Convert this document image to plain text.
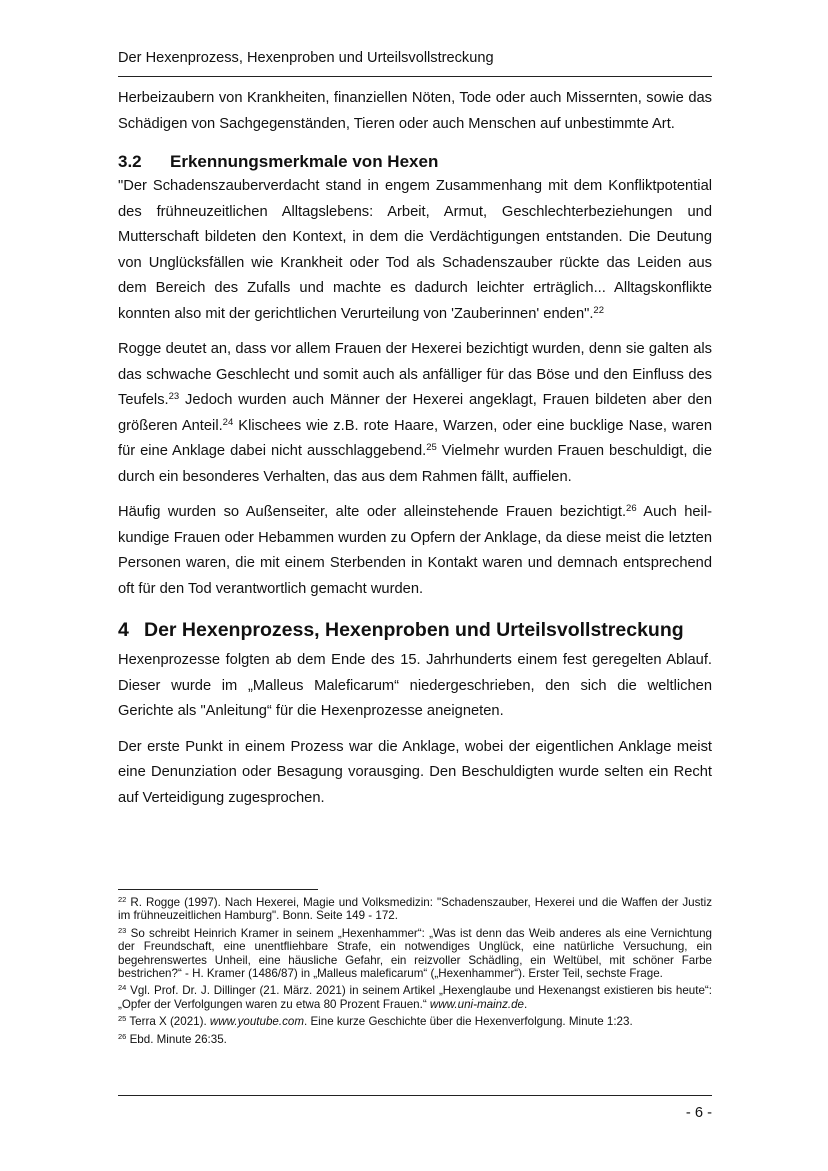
Der Hexenprozess, Hexenproben und Urteilsvollstreckung

Herbeizaubern von Krankheiten, finanziellen Nöten, Tode oder auch Missernten, sowie das Schädigen von Sachgegenständen, Tieren oder auch Menschen auf unbestimmte Art.

3.2 Erkennungsmerkmale von Hexen

"Der Schadenszauberverdacht stand in engem Zusammenhang mit dem Konfliktpotential des frühneuzeitlichen Alltagslebens: Arbeit, Armut, Geschlechterbeziehungen und Mutterschaft bildeten den Kontext, in dem die Verdächtigungen entstanden. Die Deutung von Unglücksfällen wie Krankheit oder Tod als Schadenszauber rückte das Leiden aus dem Bereich des Zufalls und machte es dadurch leichter erträglich... Alltagskonflikte konnten also mit der gerichtlichen Verurteilung von 'Zauberinnen' enden".$^{22}$

Rogge deutet an, dass vor allem Frauen der Hexerei bezichtigt wurden, denn sie galten als das schwache Geschlecht und somit auch als anfälliger für das Böse und den Einfluss des Teufels.$^{23}$ Jedoch wurden auch Männer der Hexerei angeklagt, Frauen bildeten aber den größeren Anteil.$^{24}$ Klischees wie z.B. rote Haare, Warzen, oder eine bucklige Nase, waren für eine Anklage dabei nicht ausschlaggebend.$^{25}$ Vielmehr wurden Frauen beschuldigt, die durch ein besonderes Verhalten, das aus dem Rahmen fällt, auffielen.

Häufig wurden so Außenseiter, alte oder alleinstehende Frauen bezichtigt.$^{26}$ Auch heilkundige Frauen oder Hebammen wurden zu Opfern der Anklage, da diese meist die letzten Personen waren, die mit einem Sterbenden in Kontakt waren und demnach entsprechend oft für den Tod verantwortlich gemacht wurden.

4 Der Hexenprozess, Hexenproben und Urteilsvollstreckung

Hexenprozesse folgten ab dem Ende des 15. Jahrhunderts einem fest geregelten Ablauf. Dieser wurde im „Malleus Maleficarum“ niedergeschrieben, den sich die weltlichen Gerichte als "Anleitung“ für die Hexenprozesse aneigneten.

Der erste Punkt in einem Prozess war die Anklage, wobei der eigentlichen Anklage meist eine Denunziation oder Besagung vorausging. Den Beschuldigten wurde selten ein Recht auf Verteidigung zugesprochen.

$^{22}$ R. Rogge (1997). Nach Hexerei, Magie und Volksmedizin: "Schadenszauber, Hexerei und die Waffen der Justiz im frühneuzeitlichen Hamburg". Bonn. Seite 149 - 172.

$^{23}$ So schreibt Heinrich Kramer in seinem „Hexenhammer“: „Was ist denn das Weib anderes als eine Vernichtung der Freundschaft, eine unentfliehbare Strafe, ein notwendiges Unglück, eine natürliche Versuchung, ein begehrenswertes Unheil, eine häusliche Gefahr, ein reizvoller Schädling, ein Weltübel, mit schöner Farbe bestrichen?“ - H. Kramer (1486/87) in „Malleus maleficarum“ („Hexenhammer“). Erster Teil, sechste Frage.

$^{24}$ Vgl. Prof. Dr. J. Dillinger (21. März. 2021) in seinem Artikel „Hexenglaube und Hexenangst existieren bis heute“: „Opfer der Verfolgungen waren zu etwa 80 Prozent Frauen.“ www.uni-mainz.de.

$^{25}$ Terra X (2021). www.youtube.com. Eine kurze Geschichte über die Hexenverfolgung. Minute 1:23.

$^{26}$ Ebd. Minute 26:35.

- 6 -
